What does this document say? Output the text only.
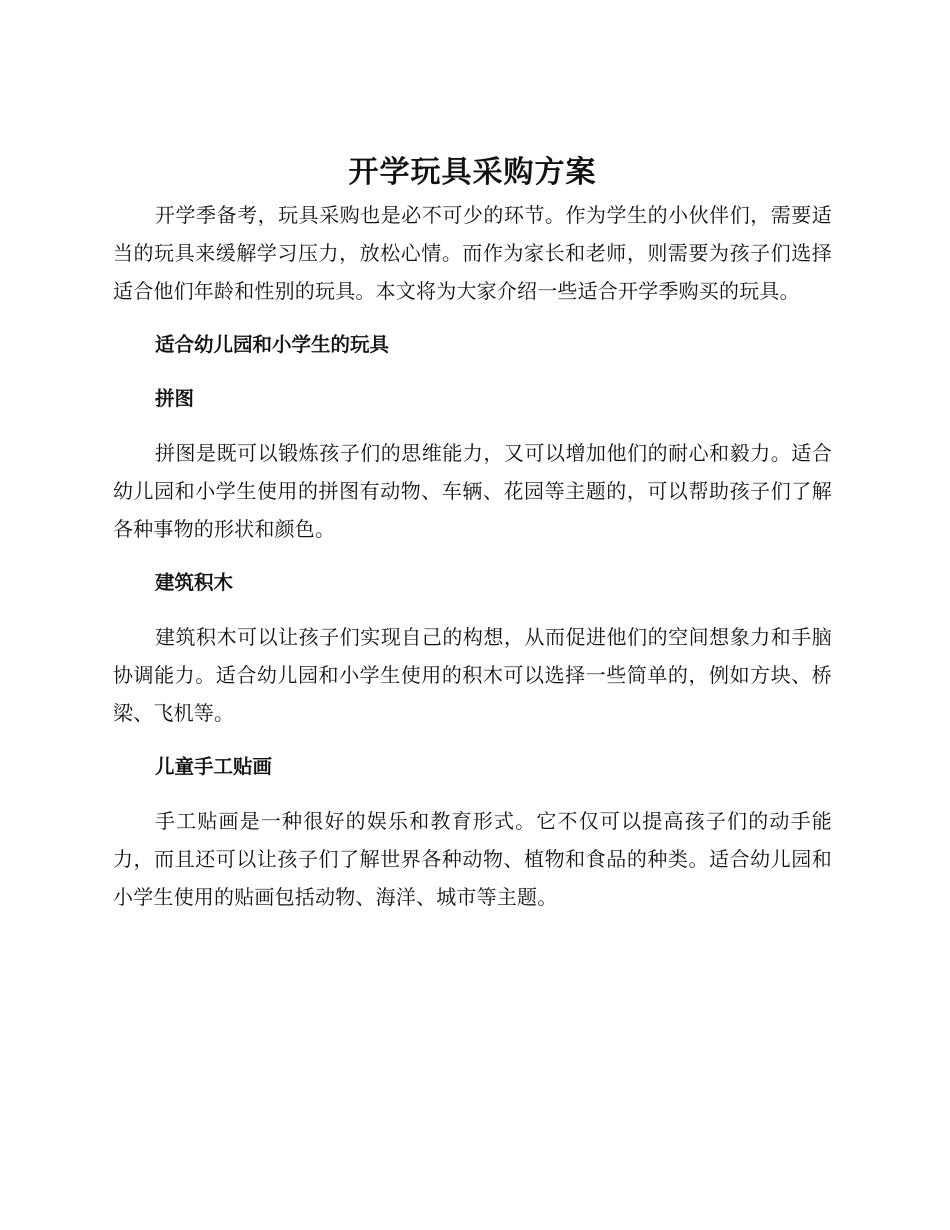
开学玩具采购方案

开学季备考，玩具采购也是必不可少的环节。作为学生的小伙伴们，需要适当的玩具来缓解学习压力，放松心情。而作为家长和老师，则需要为孩子们选择适合他们年龄和性别的玩具。本文将为大家介绍一些适合开学季购买的玩具。

适合幼儿园和小学生的玩具
拼图

拼图是既可以锻炼孩子们的思维能力，又可以增加他们的耐心和毅力。适合幼儿园和小学生使用的拼图有动物、车辆、花园等主题的，可以帮助孩子们了解各种事物的形状和颜色。

建筑积木

建筑积木可以让孩子们实现自己的构想，从而促进他们的空间想象力和手脑协调能力。适合幼儿园和小学生使用的积木可以选择一些简单的，例如方块、桥梁、飞机等。

儿童手工贴画

手工贴画是一种很好的娱乐和教育形式。它不仅可以提高孩子们的动手能力，而且还可以让孩子们了解世界各种动物、植物和食品的种类。适合幼儿园和小学生使用的贴画包括动物、海洋、城市等主题。
